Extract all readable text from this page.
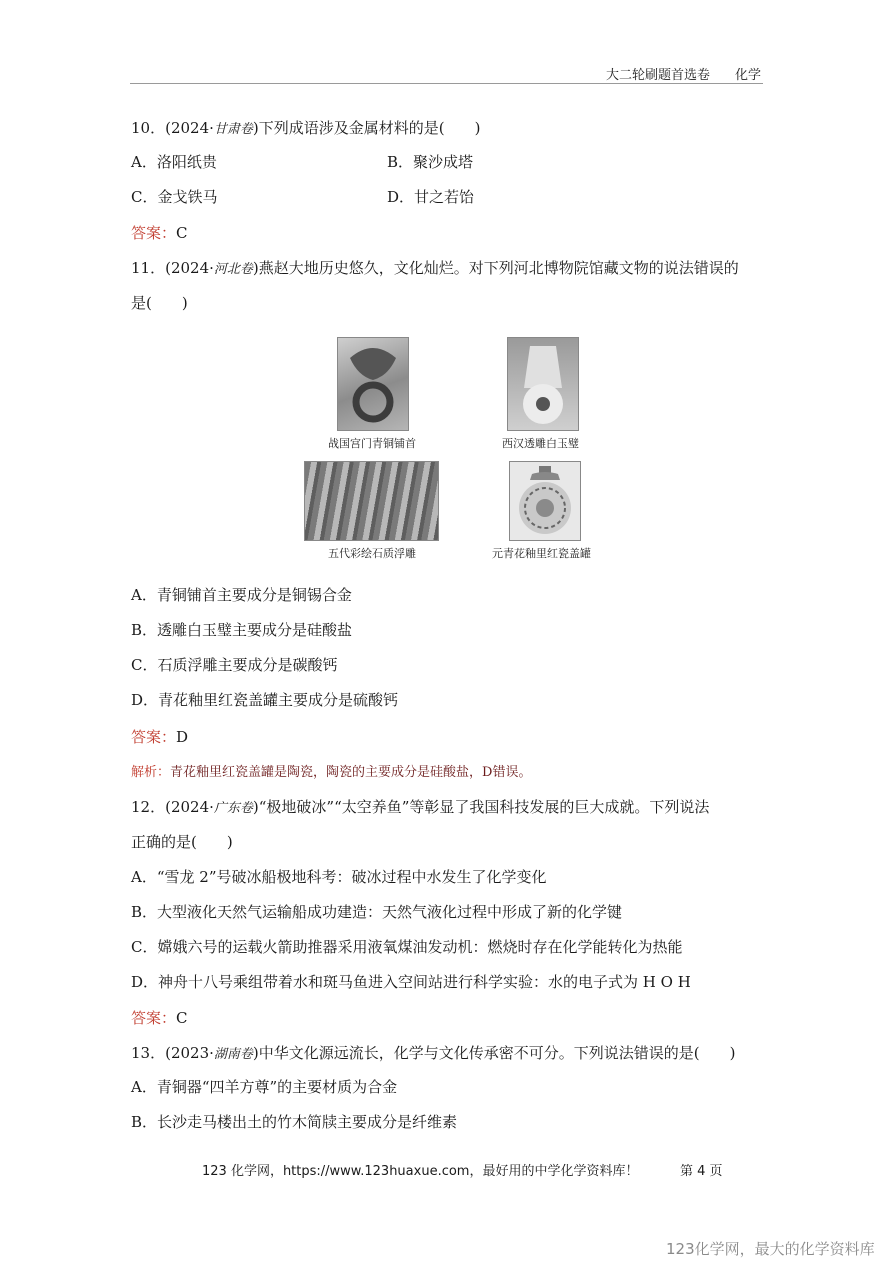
大二轮刷题首选卷 化学
10．(2024·甘肃卷)下列成语涉及金属材料的是(　　)
A．洛阳纸贵	B．聚沙成塔
C．金戈铁马	D．甘之若饴
答案：C
11．(2024·河北卷)燕赵大地历史悠久，文化灿烂。对下列河北博物院馆藏文物的说法错误的
是(　　)
战国宫门青铜铺首	西汉透雕白玉璧
五代彩绘石质浮雕	元青花釉里红瓷盖罐
A．青铜铺首主要成分是铜锡合金
B．透雕白玉璧主要成分是硅酸盐
C．石质浮雕主要成分是碳酸钙
D．青花釉里红瓷盖罐主要成分是硫酸钙
答案：D
解析：青花釉里红瓷盖罐是陶瓷，陶瓷的主要成分是硅酸盐，D错误。
12．(2024·广东卷)“极地破冰”“太空养鱼”等彰显了我国科技发展的巨大成就。下列说法
正确的是(　　)
A．“雪龙 2”号破冰船极地科考：破冰过程中水发生了化学变化
B．大型液化天然气运输船成功建造：天然气液化过程中形成了新的化学键
C．嫦娥六号的运载火箭助推器采用液氧煤油发动机：燃烧时存在化学能转化为热能
D．神舟十八号乘组带着水和斑马鱼进入空间站进行科学实验：水的电子式为 H O H
答案：C
13．(2023·湖南卷)中华文化源远流长，化学与文化传承密不可分。下列说法错误的是(　　)
A．青铜器“四羊方尊”的主要材质为合金
B．长沙走马楼出土的竹木简牍主要成分是纤维素
123 化学网，https://www.123huaxue.com，最好用的中学化学资料库！	第 4 页
123化学网，最大的化学资料库
